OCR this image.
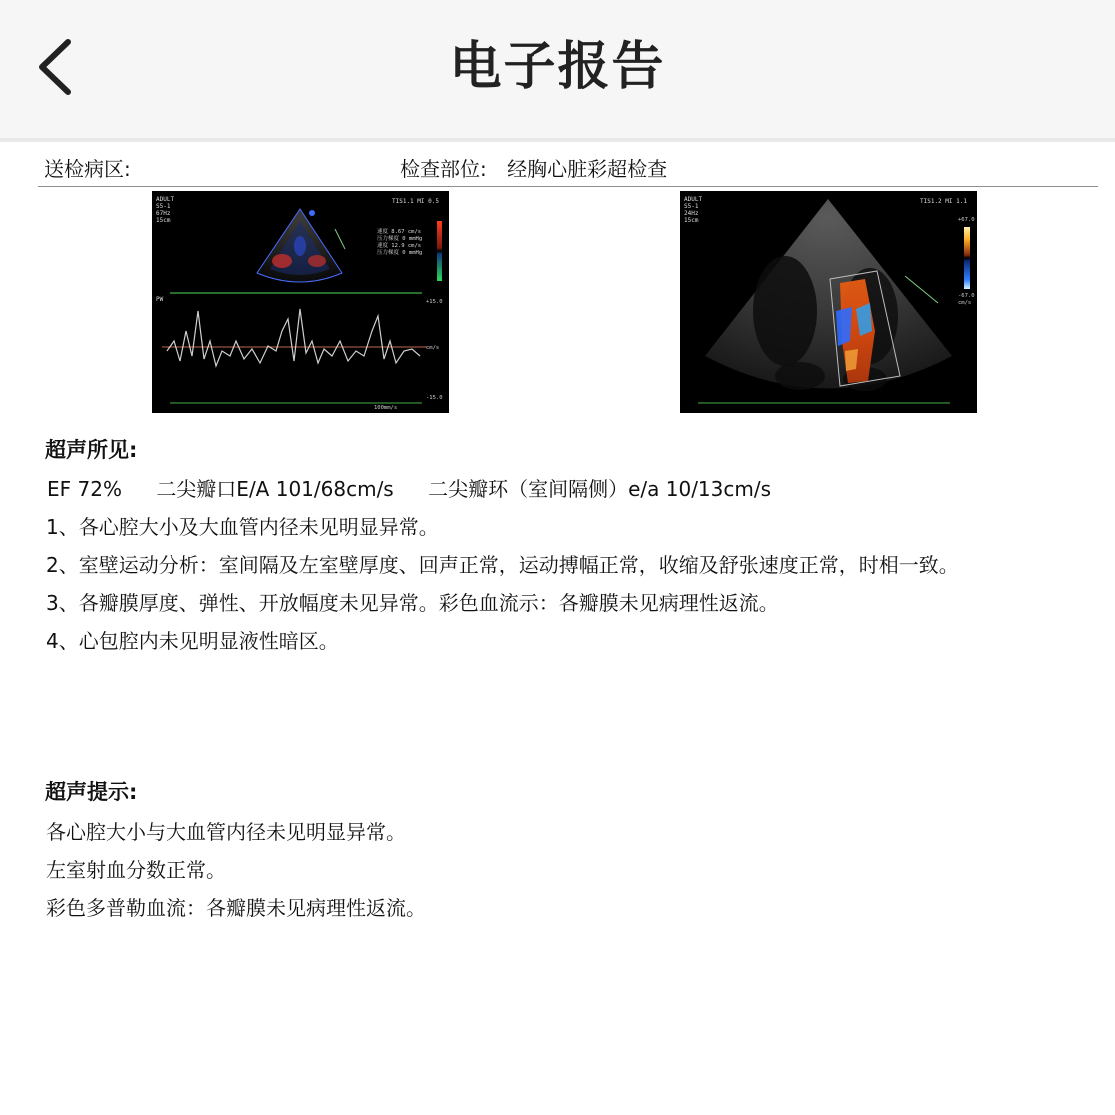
电子报告
送检病区:	检查部位: 经胸心脏彩超检查
ADULT
S5-1
67Hz
15cm
TIS1.1 MI 0.5
PW
速度 8.67 cm/s
压力梯度 0 mmHg
速度 12.9 cm/s
压力梯度 0 mmHg
+15.0
cm/s
-15.0
100mm/s
ADULT
S5-1
24Hz
15cm
TIS1.2 MI 1.1
+67.0
-67.0
cm/s
超声所见:
EF 72% 二尖瓣口E/A 101/68cm/s 二尖瓣环（室间隔侧）e/a 10/13cm/s
1、各心腔大小及大血管内径未见明显异常。
2、室壁运动分析：室间隔及左室壁厚度、回声正常，运动搏幅正常，收缩及舒张速度正常，时相一致。
3、各瓣膜厚度、弹性、开放幅度未见异常。彩色血流示：各瓣膜未见病理性返流。
4、心包腔内未见明显液性暗区。
超声提示:
各心腔大小与大血管内径未见明显异常。
左室射血分数正常。
彩色多普勒血流：各瓣膜未见病理性返流。
